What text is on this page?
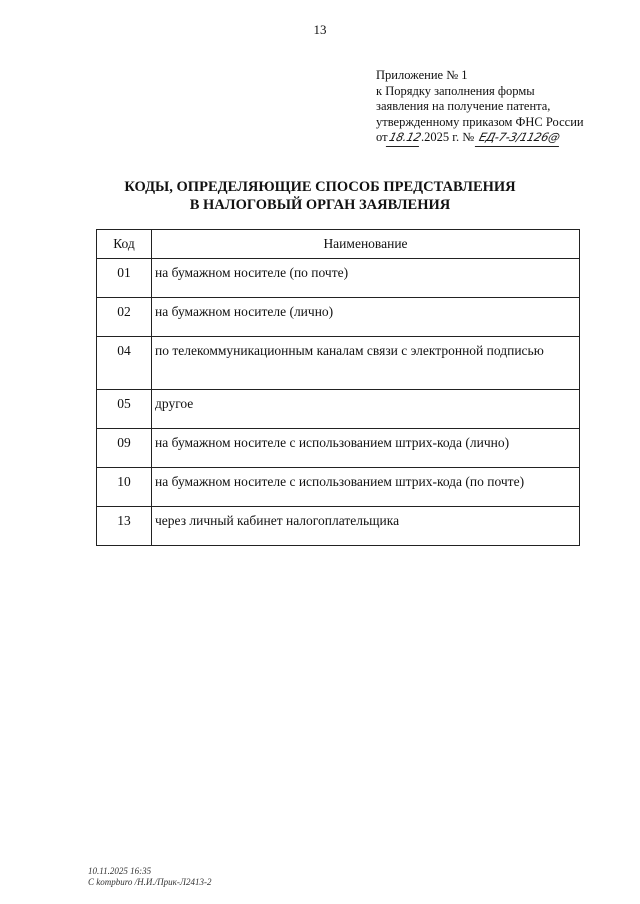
13
Приложение № 1
к Порядку заполнения формы
заявления на получение патента,
утвержденному приказом ФНС России
от18.12.2025 г. № ЕД-7-3/1126@
КОДЫ, ОПРЕДЕЛЯЮЩИЕ СПОСОБ ПРЕДСТАВЛЕНИЯ
В НАЛОГОВЫЙ ОРГАН ЗАЯВЛЕНИЯ
Код	Наименование
01	на бумажном носителе (по почте)
02	на бумажном носителе (лично)
04	по телекоммуникационным каналам связи с электронной подписью
05	другое
09	на бумажном носителе с использованием штрих-кода (лично)
10	на бумажном носителе с использованием штрих-кода (по почте)
13	через личный кабинет налогоплательщика
10.11.2025 16:35
C kompburo /Н.И./Прик-Л2413-2
